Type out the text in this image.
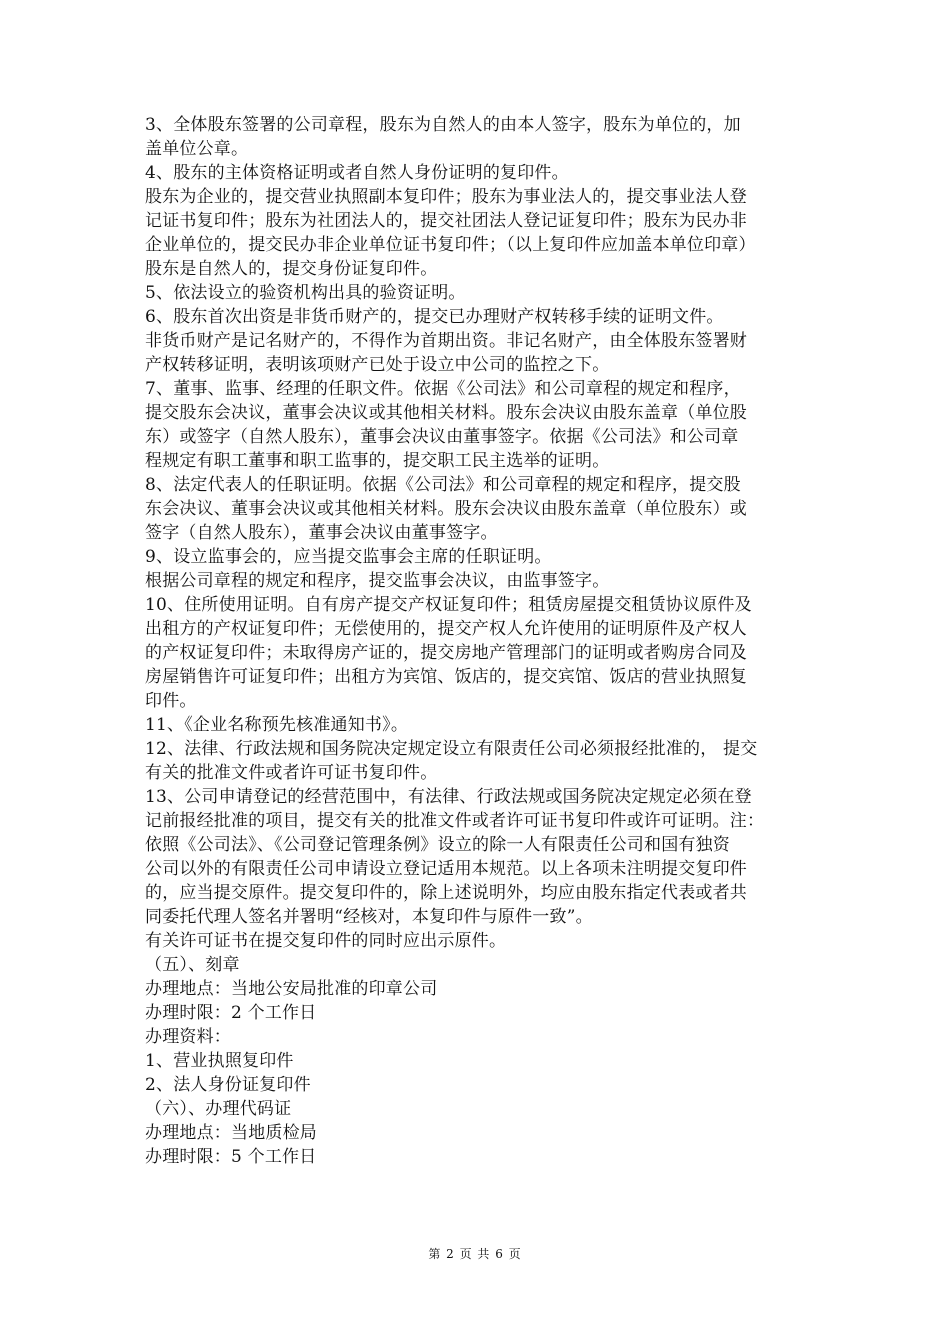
3、全体股东签署的公司章程，股东为自然人的由本人签字，股东为单位的，加
盖单位公章。
4、股东的主体资格证明或者自然人身份证明的复印件。
股东为企业的，提交营业执照副本复印件；股东为事业法人的，提交事业法人登
记证书复印件；股东为社团法人的，提交社团法人登记证复印件；股东为民办非
企业单位的，提交民办非企业单位证书复印件；（以上复印件应加盖本单位印章）
股东是自然人的，提交身份证复印件。
5、依法设立的验资机构出具的验资证明。
6、股东首次出资是非货币财产的，提交已办理财产权转移手续的证明文件。
非货币财产是记名财产的，不得作为首期出资。非记名财产，由全体股东签署财
产权转移证明，表明该项财产已处于设立中公司的监控之下。
7、董事、监事、经理的任职文件。依据《公司法》和公司章程的规定和程序，
提交股东会决议，董事会决议或其他相关材料。股东会决议由股东盖章（单位股
东）或签字（自然人股东），董事会决议由董事签字。依据《公司法》和公司章
程规定有职工董事和职工监事的，提交职工民主选举的证明。
8、法定代表人的任职证明。依据《公司法》和公司章程的规定和程序，提交股
东会决议、董事会决议或其他相关材料。股东会决议由股东盖章（单位股东）或
签字（自然人股东），董事会决议由董事签字。
9、设立监事会的，应当提交监事会主席的任职证明。
根据公司章程的规定和程序，提交监事会决议，由监事签字。
10、住所使用证明。自有房产提交产权证复印件；租赁房屋提交租赁协议原件及
出租方的产权证复印件；无偿使用的，提交产权人允许使用的证明原件及产权人
的产权证复印件；未取得房产证的，提交房地产管理部门的证明或者购房合同及
房屋销售许可证复印件；出租方为宾馆、饭店的，提交宾馆、饭店的营业执照复
印件。
11、《企业名称预先核准通知书》。
12、法律、行政法规和国务院决定规定设立有限责任公司必须报经批准的， 提交
有关的批准文件或者许可证书复印件。
13、公司申请登记的经营范围中，有法律、行政法规或国务院决定规定必须在登
记前报经批准的项目，提交有关的批准文件或者许可证书复印件或许可证明。注：
依照《公司法》、《公司登记管理条例》设立的除一人有限责任公司和国有独资
公司以外的有限责任公司申请设立登记适用本规范。以上各项未注明提交复印件
的，应当提交原件。提交复印件的，除上述说明外，均应由股东指定代表或者共
同委托代理人签名并署明“经核对，本复印件与原件一致”。
有关许可证书在提交复印件的同时应出示原件。
（五）、刻章
办理地点：当地公安局批准的印章公司
办理时限：2 个工作日
办理资料：
1、营业执照复印件
2、法人身份证复印件
（六）、办理代码证
办理地点：当地质检局
办理时限：5 个工作日
第 2 页 共 6 页
